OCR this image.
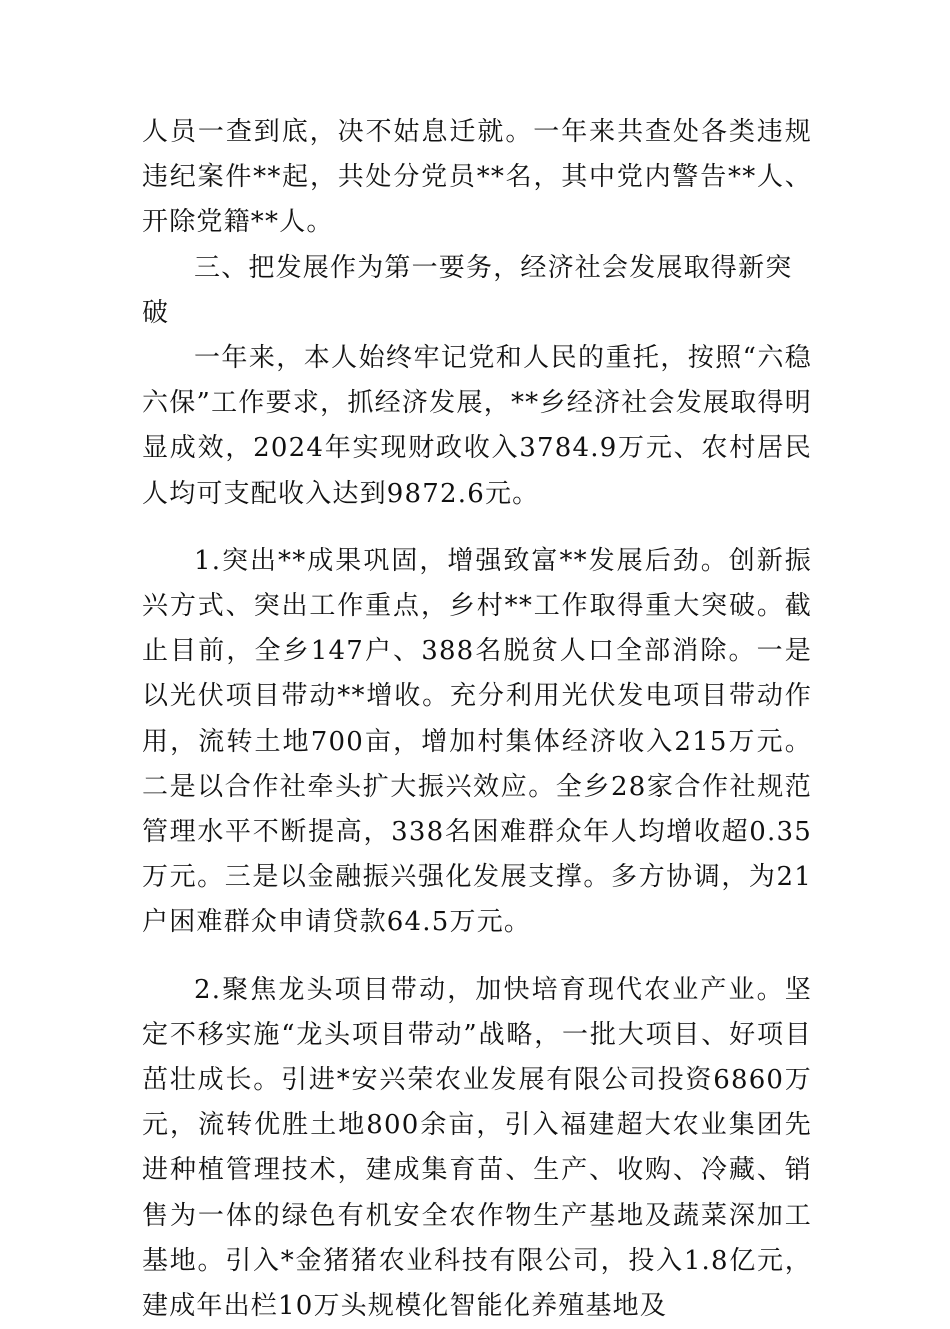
人员一查到底，决不姑息迁就。一年来共查处各类违规违纪案件**起，共处分党员**名，其中党内警告**人、开除党籍**人。

三、把发展作为第一要务，经济社会发展取得新突破

一年来，本人始终牢记党和人民的重托，按照“六稳六保”工作要求，抓经济发展，**乡经济社会发展取得明显成效，2024年实现财政收入3784.9万元、农村居民人均可支配收入达到9872.6元。

1.突出**成果巩固，增强致富**发展后劲。创新振兴方式、突出工作重点，乡村**工作取得重大突破。截止目前，全乡147户、388名脱贫人口全部消除。一是以光伏项目带动**增收。充分利用光伏发电项目带动作用，流转土地700亩，增加村集体经济收入215万元。二是以合作社牵头扩大振兴效应。全乡28家合作社规范管理水平不断提高，338名困难群众年人均增收超0.35万元。三是以金融振兴强化发展支撑。多方协调，为21户困难群众申请贷款64.5万元。

2.聚焦龙头项目带动，加快培育现代农业产业。坚定不移实施“龙头项目带动”战略，一批大项目、好项目茁壮成长。引进*安兴荣农业发展有限公司投资6860万元，流转优胜土地800余亩，引入福建超大农业集团先进种植管理技术，建成集育苗、生产、收购、冷藏、销售为一体的绿色有机安全农作物生产基地及蔬菜深加工基地。引入*金猪猪农业科技有限公司，投入1.8亿元，建成年出栏10万头规模化智能化养殖基地及
